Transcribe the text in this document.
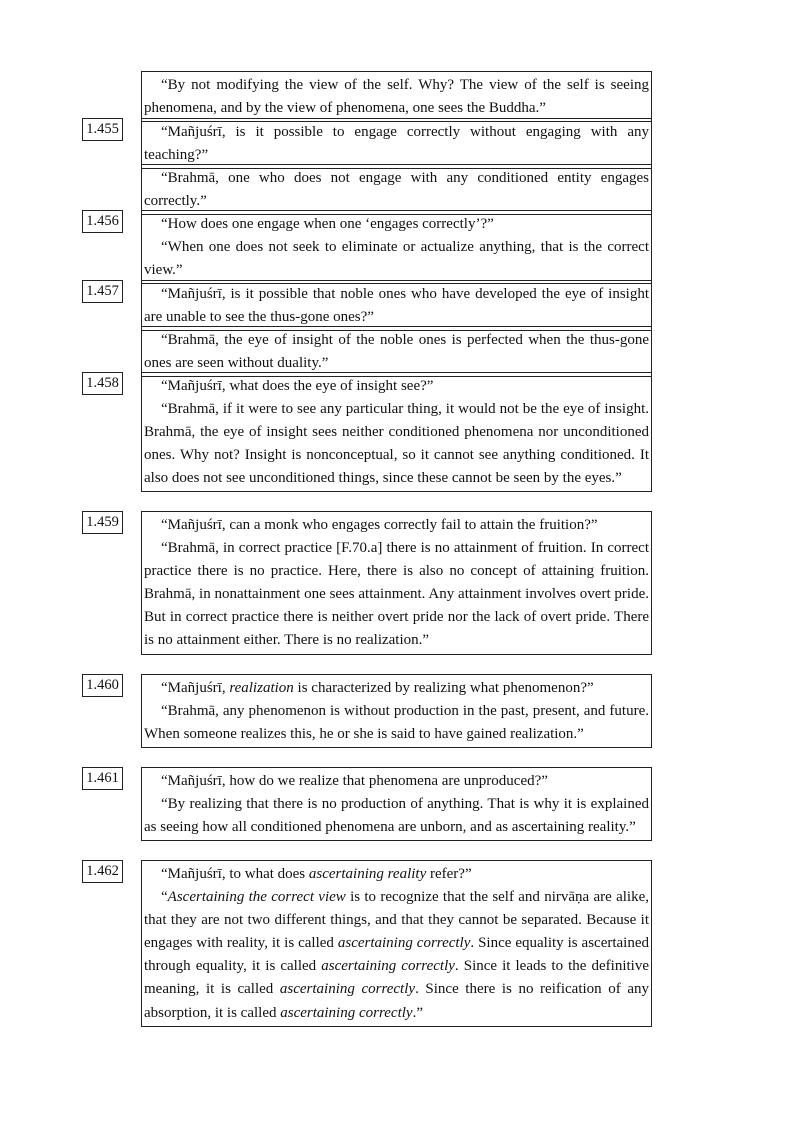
“By not modifying the view of the self. Why? The view of the self is seeing phenomena, and by the view of phenomena, one sees the Buddha.”

1.455	“Mañjuśrī, is it possible to engage correctly without engaging with any teaching?”

“Brahmā, one who does not engage with any conditioned entity engages correctly.”

1.456	“How does one engage when one ‘engages correctly’?”

“When one does not seek to eliminate or actualize anything, that is the correct view.”

1.457	“Mañjuśrī, is it possible that noble ones who have developed the eye of insight are unable to see the thus-gone ones?”

“Brahmā, the eye of insight of the noble ones is perfected when the thus-gone ones are seen without duality.”

1.458	“Mañjuśrī, what does the eye of insight see?”

“Brahmā, if it were to see any particular thing, it would not be the eye of insight. Brahmā, the eye of insight sees neither conditioned phenomena nor unconditioned ones. Why not? Insight is nonconceptual, so it cannot see anything conditioned. It also does not see unconditioned things, since these cannot be seen by the eyes.”

1.459	“Mañjuśrī, can a monk who engages correctly fail to attain the fruition?”

“Brahmā, in correct practice [F.70.a] there is no attainment of fruition. In correct practice there is no practice. Here, there is also no concept of attaining fruition. Brahmā, in nonattainment one sees attainment. Any attainment involves overt pride. But in correct practice there is neither overt pride nor the lack of overt pride. There is no attainment either. There is no realization.”

1.460	“Mañjuśrī, realization is characterized by realizing what phenomenon?”

“Brahmā, any phenomenon is without production in the past, present, and future. When someone realizes this, he or she is said to have gained realization.”

1.461	“Mañjuśrī, how do we realize that phenomena are unproduced?”

“By realizing that there is no production of anything. That is why it is explained as seeing how all conditioned phenomena are unborn, and as ascertaining reality.”

1.462	“Mañjuśrī, to what does ascertaining reality refer?”

“Ascertaining the correct view is to recognize that the self and nirvāṇa are alike, that they are not two different things, and that they cannot be separated. Because it engages with reality, it is called ascertaining correctly. Since equality is ascertained through equality, it is called ascertaining correctly. Since it leads to the definitive meaning, it is called ascertaining correctly. Since there is no reification of any absorption, it is called ascertaining correctly.”
